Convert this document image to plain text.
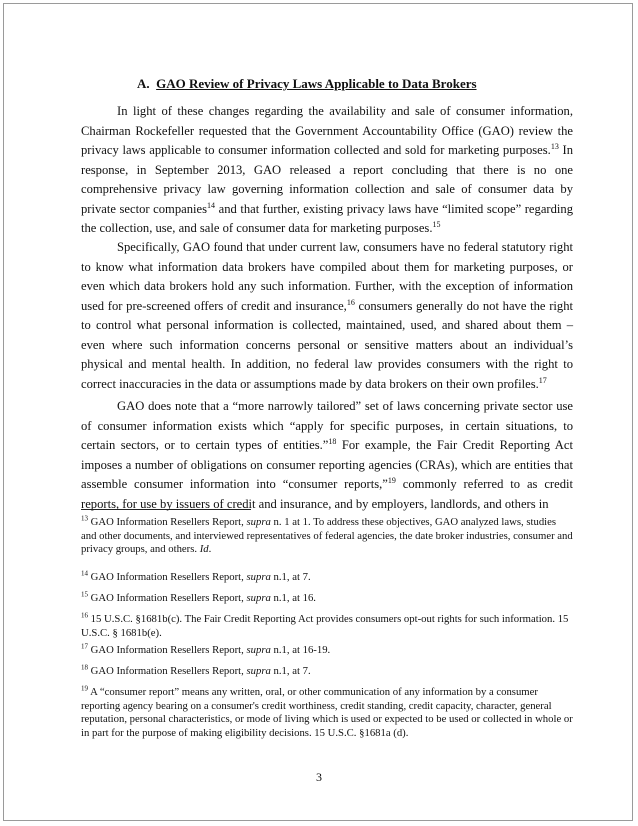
A. GAO Review of Privacy Laws Applicable to Data Brokers

In light of these changes regarding the availability and sale of consumer information, Chairman Rockefeller requested that the Government Accountability Office (GAO) review the privacy laws applicable to consumer information collected and sold for marketing purposes.$^{13}$ In response, in September 2013, GAO released a report concluding that there is no one comprehensive privacy law governing information collection and sale of consumer data by private sector companies$^{14}$ and that further, existing privacy laws have “limited scope” regarding the collection, use, and sale of consumer data for marketing purposes.$^{15}$

Specifically, GAO found that under current law, consumers have no federal statutory right to know what information data brokers have compiled about them for marketing purposes, or even which data brokers hold any such information. Further, with the exception of information used for pre-screened offers of credit and insurance,$^{16}$ consumers generally do not have the right to control what personal information is collected, maintained, used, and shared about them – even where such information concerns personal or sensitive matters about an individual’s physical and mental health. In addition, no federal law provides consumers with the right to correct inaccuracies in the data or assumptions made by data brokers on their own profiles.$^{17}$

GAO does note that a “more narrowly tailored” set of laws concerning private sector use of consumer information exists which “apply for specific purposes, in certain situations, to certain sectors, or to certain types of entities.”$^{18}$ For example, the Fair Credit Reporting Act imposes a number of obligations on consumer reporting agencies (CRAs), which are entities that assemble consumer information into “consumer reports,”$^{19}$ commonly referred to as credit reports, for use by issuers of credit and insurance, and by employers, landlords, and others in

$^{13}$ GAO Information Resellers Report, supra n. 1 at 1. To address these objectives, GAO analyzed laws, studies and other documents, and interviewed representatives of federal agencies, the date broker industries, consumer and privacy groups, and others. Id.
$^{14}$ GAO Information Resellers Report, supra n.1, at 7.
$^{15}$ GAO Information Resellers Report, supra n.1, at 16.
$^{16}$ 15 U.S.C. §1681b(c). The Fair Credit Reporting Act provides consumers opt-out rights for such information. 15 U.S.C. § 1681b(e).
$^{17}$ GAO Information Resellers Report, supra n.1, at 16-19.
$^{18}$ GAO Information Resellers Report, supra n.1, at 7.
$^{19}$ A “consumer report” means any written, oral, or other communication of any information by a consumer reporting agency bearing on a consumer's credit worthiness, credit standing, credit capacity, character, general reputation, personal characteristics, or mode of living which is used or expected to be used or collected in whole or in part for the purpose of making eligibility decisions. 15 U.S.C. §1681a (d).
3
